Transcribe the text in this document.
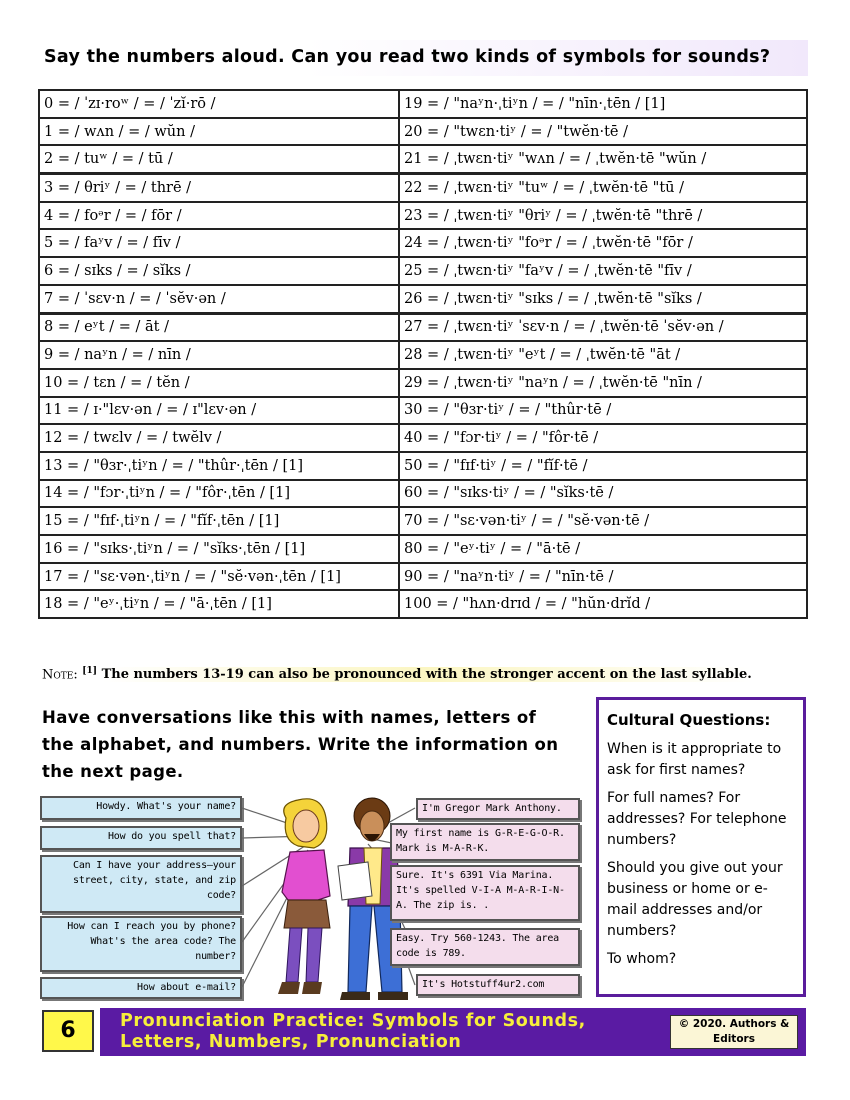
Say the numbers aloud. Can you read two kinds of symbols for sounds?
0 = / ˈzɪ·roʷ / = / ˈzĭ·rō /	19 = / "naʸn·ˌtiʸn / = / "nīn·ˌtēn / [1]
1 = / wʌn / = / wŭn /	20 = / "twɛn·tiʸ / = / "twĕn·tē /
2 = / tuʷ / = / tū /	21 = / ˌtwɛn·tiʸ "wʌn / = / ˌtwĕn·tē "wŭn /
3 = / θriʸ / = / thrē /	22 = / ˌtwɛn·tiʸ "tuʷ / = / ˌtwĕn·tē "tū /
4 = / foᵊr / = / fōr /	23 = / ˌtwɛn·tiʸ "θriʸ / = / ˌtwĕn·tē "thrē /
5 = / faʸv / = / fīv /	24 = / ˌtwɛn·tiʸ "foᵊr / = / ˌtwĕn·tē "fōr /
6 = / sɪks / = / sĭks /	25 = / ˌtwɛn·tiʸ "faʸv / = / ˌtwĕn·tē "fīv /
7 = / ˈsɛv·n / = / ˈsĕv·ən /	26 = / ˌtwɛn·tiʸ "sɪks / = / ˌtwĕn·tē "sĭks /
8 = / eʸt / = / āt /	27 = / ˌtwɛn·tiʸ ˈsɛv·n / = / ˌtwĕn·tē ˈsĕv·ən /
9 = / naʸn / = / nīn /	28 = / ˌtwɛn·tiʸ "eʸt / = / ˌtwĕn·tē "āt /
10 = / tɛn / = / tĕn /	29 = / ˌtwɛn·tiʸ "naʸn / = / ˌtwĕn·tē "nīn /
11 = / ɪ·"lɛv·ən / = / ɪ"lɛv·ən /	30 = / "θɜr·tiʸ / = / "thûr·tē /
12 = / twɛlv / = / twĕlv /	40 = / "fɔr·tiʸ / = / "fôr·tē /
13 = / "θɜr·ˌtiʸn / = / "thûr·ˌtēn / [1]	50 = / "fɪf·tiʸ / = / "fĭf·tē /
14 = / "fɔr·ˌtiʸn / = / "fôr·ˌtēn / [1]	60 = / "sɪks·tiʸ / = / "sĭks·tē /
15 = / "fɪf·ˌtiʸn / = / "fĭf·ˌtēn / [1]	70 = / "sɛ·vən·tiʸ / = / "sĕ·vən·tē /
16 = / "sɪks·ˌtiʸn / = / "sĭks·ˌtēn / [1]	80 = / "eʸ·tiʸ / = / "ā·tē /
17 = / "sɛ·vən·ˌtiʸn / = / "sĕ·vən·ˌtēn / [1]	90 = / "naʸn·tiʸ / = / "nīn·tē /
18 = / "eʸ·ˌtiʸn / = / "ā·ˌtēn / [1]	100 = / "hʌn·drɪd / = / "hŭn·drĭd /
Note: [1] The numbers 13-19 can also be pronounced with the stronger accent on the last syllable.
Have conversations like this with names, letters of the alphabet, and numbers. Write the information on the next page.
Howdy. What's your name?
How do you spell that?
Can I have your address—your street, city, state, and zip code?
How can I reach you by phone? What's the area code? The number?
How about e-mail?
I'm Gregor Mark Anthony.
My first name is G-R-E-G-O-R. Mark is M-A-R-K.
Sure. It's 6391 Via Marina. It's spelled V-I-A M-A-R-I-N-A. The zip is. .
Easy. Try 560-1243. The area code is 789.
It's Hotstuff4ur2.com
Cultural Questions:

When is it appropriate to ask for first names?

For full names? For addresses? For telephone numbers?

Should you give out your business or home or e-mail addresses and/or numbers?

To whom?

6	Pronunciation Practice: Symbols for Sounds, Letters, Numbers, Pronunciation
© 2020. Authors & Editors
